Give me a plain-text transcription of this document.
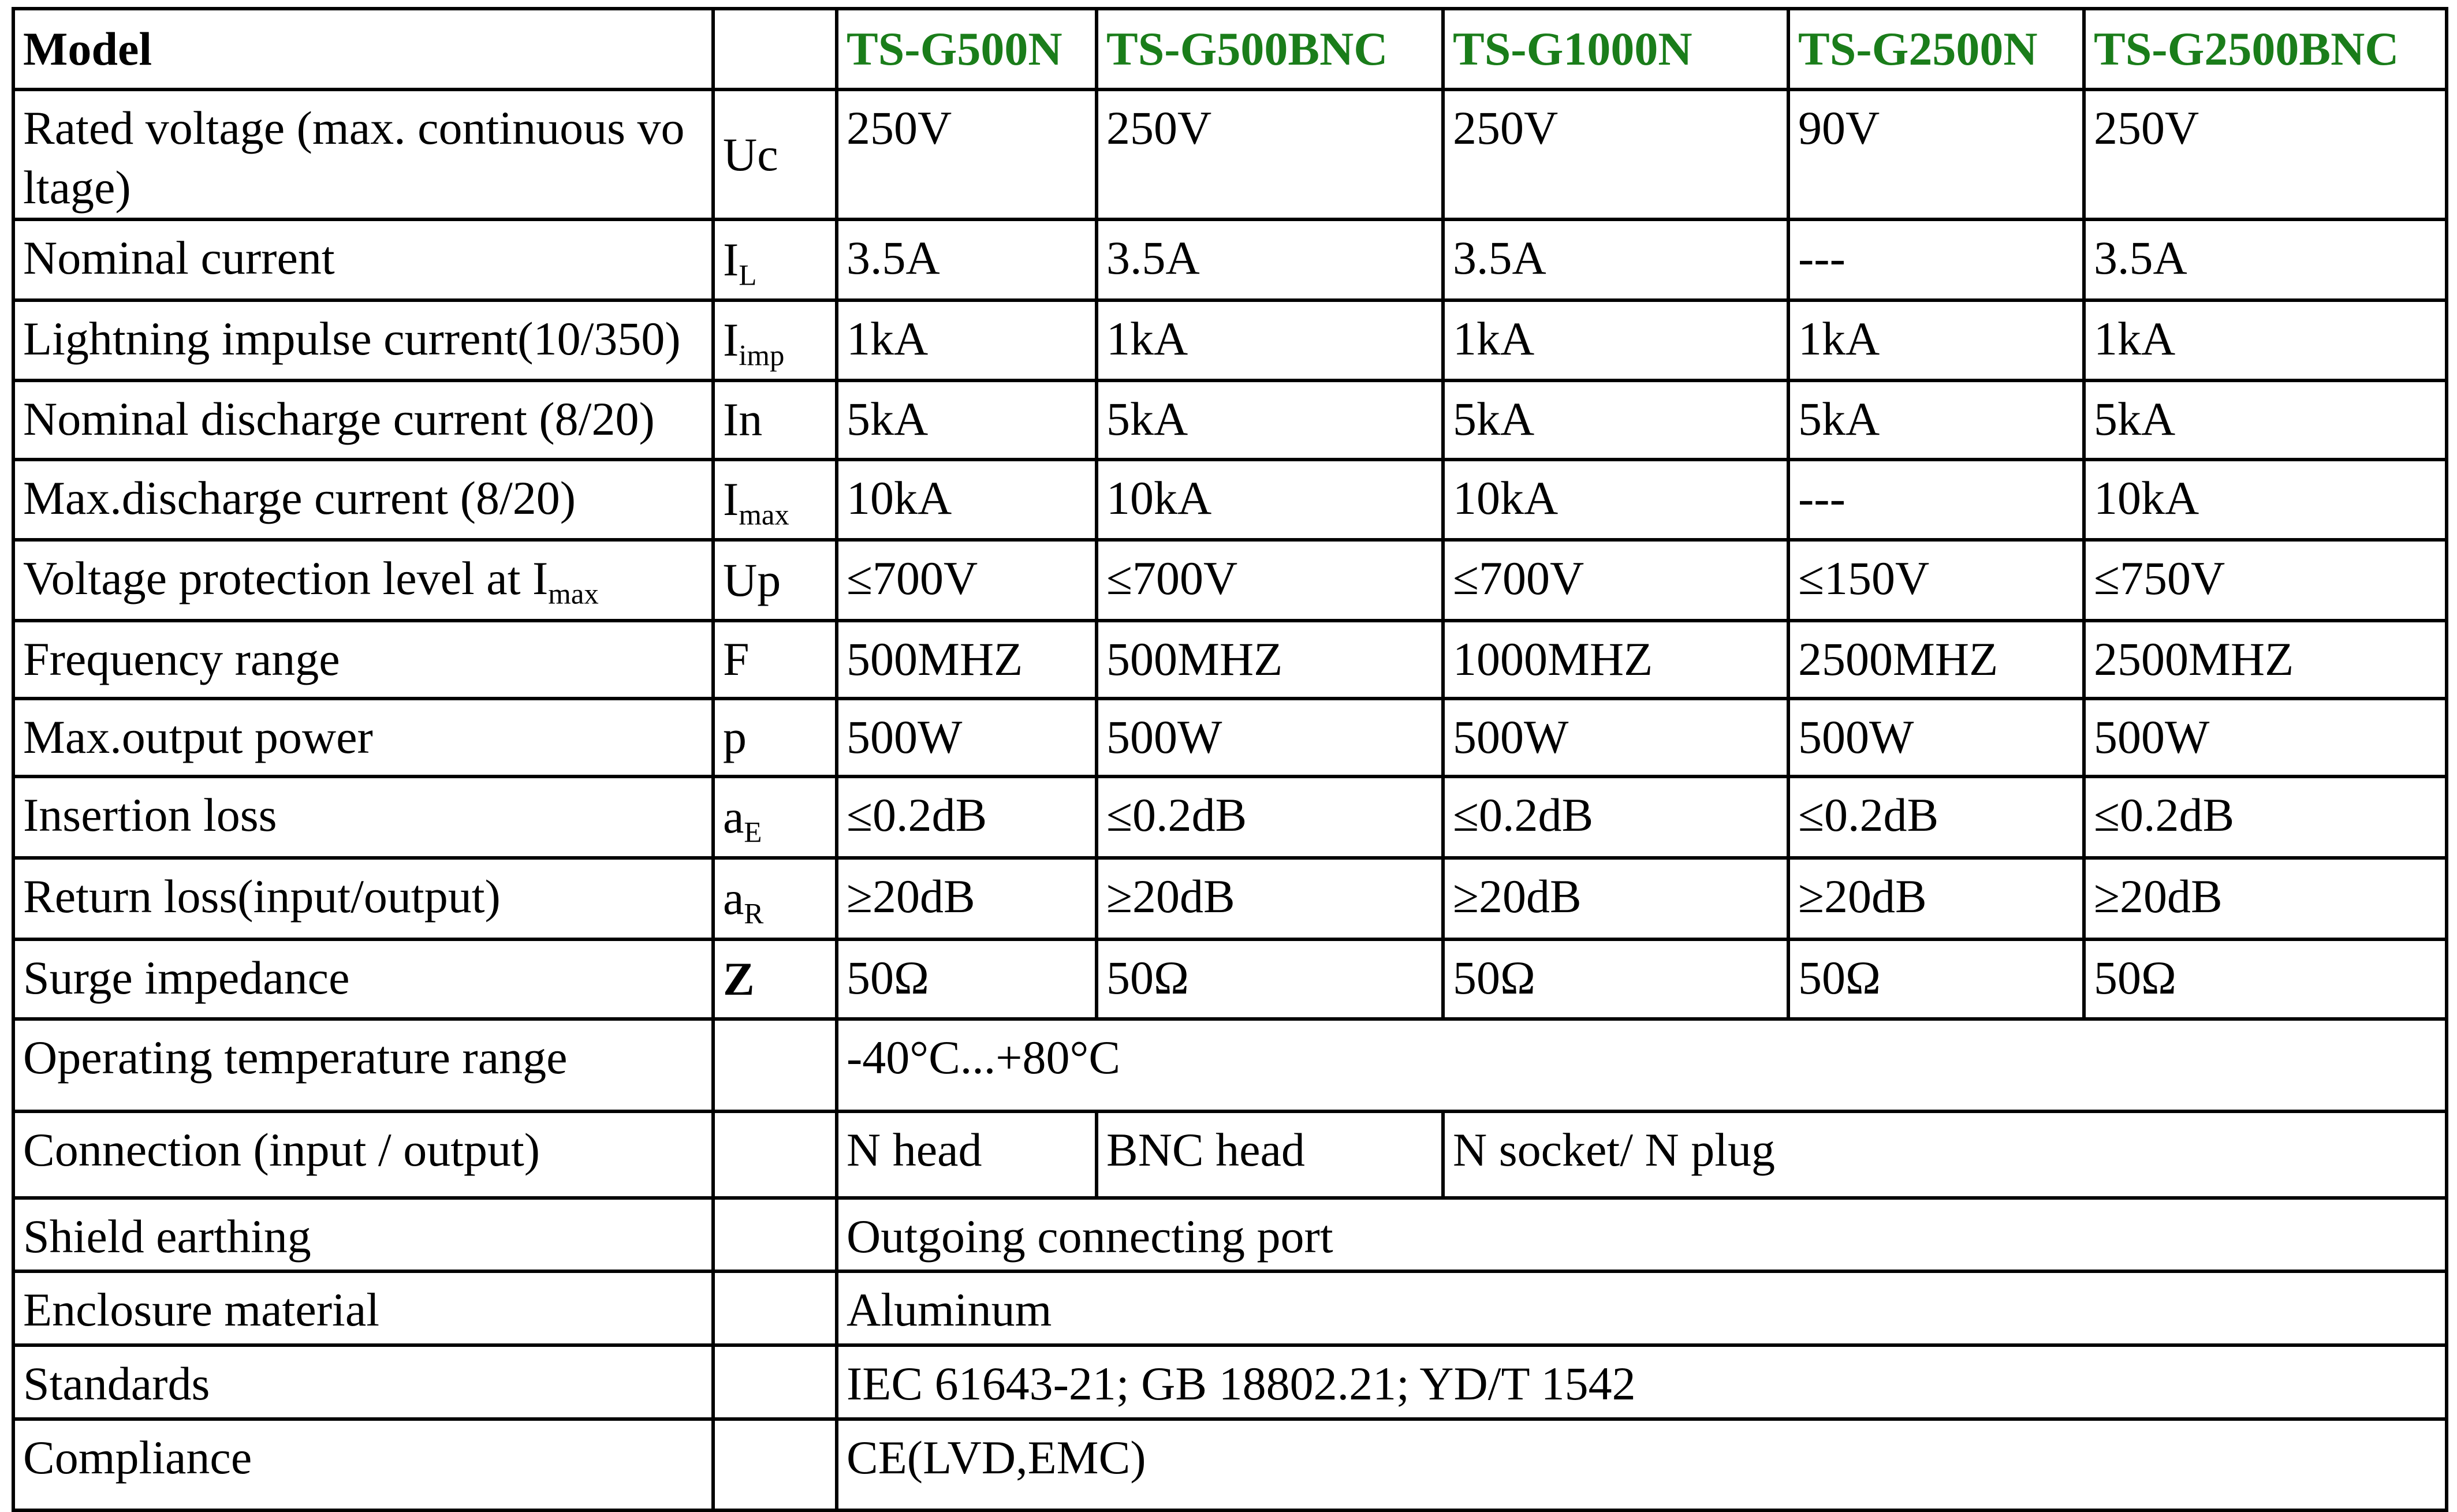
Model		TS-G500N	TS-G500BNC	TS-G1000N	TS-G2500N	TS-G2500BNC
Rated voltage (max. continuous vo ltage)	Uc	250V	250V	250V	90V	250V
Nominal current	$I_L$	3.5A	3.5A	3.5A	---	3.5A
Lightning impulse current(10/350)	$I_{imp}$	1kA	1kA	1kA	1kA	1kA
Nominal discharge current (8/20)	In	5kA	5kA	5kA	5kA	5kA
Max.discharge current (8/20)	$I_{max}$	10kA	10kA	10kA	---	10kA
Voltage protection level at $I_{max}$	Up	≤700V	≤700V	≤700V	≤150V	≤750V
Frequency range	F	500MHZ	500MHZ	1000MHZ	2500MHZ	2500MHZ
Max.output power	p	500W	500W	500W	500W	500W
Insertion loss	$a_E$	≤0.2dB	≤0.2dB	≤0.2dB	≤0.2dB	≤0.2dB
Return loss(input/output)	$a_R$	≥20dB	≥20dB	≥20dB	≥20dB	≥20dB
Surge impedance	Z	50Ω	50Ω	50Ω	50Ω	50Ω
Operating temperature range		-40°C...+80°C				
Connection (input / output)		N head	BNC head	N socket/ N plug		
Shield earthing		Outgoing connecting port				
Enclosure material		Aluminum				
Standards		IEC 61643-21; GB 18802.21; YD/T 1542				
Compliance		CE(LVD,EMC)				
